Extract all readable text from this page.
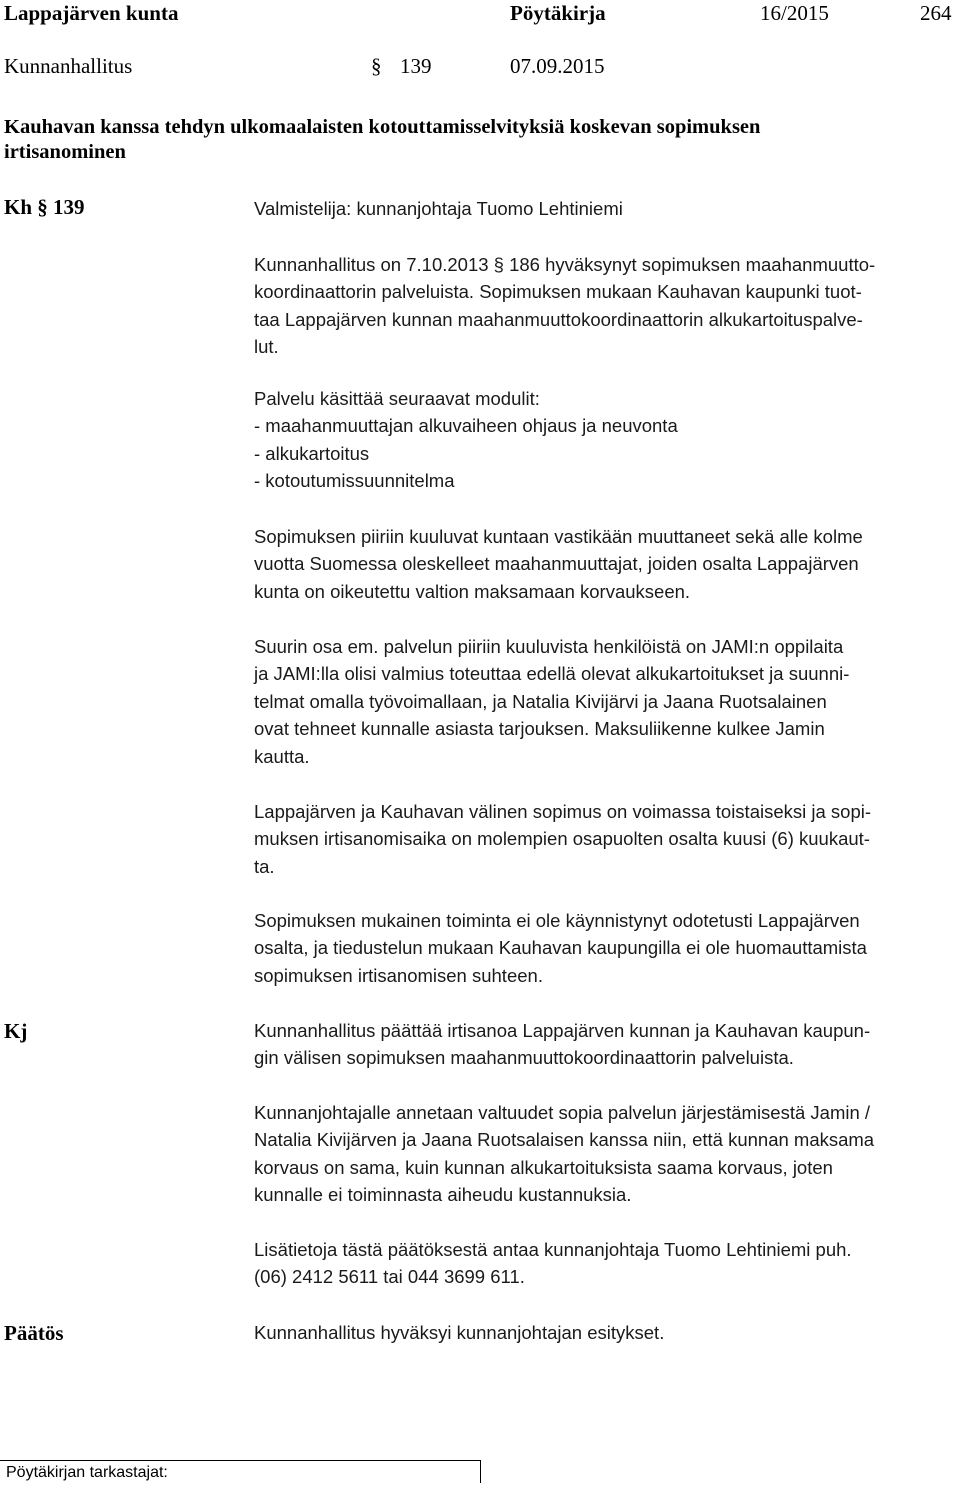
Lappajärven kunta	Pöytäkirja	16/2015	264
Kunnanhallitus	§ 139	07.09.2015
Kauhavan kanssa tehdyn ulkomaalaisten kotouttamisselvityksiä koskevan sopimuksen
irtisanominen
Kh § 139	Valmistelija: kunnanjohtaja Tuomo Lehtiniemi
Kunnanhallitus on 7.10.2013 § 186 hyväksynyt sopimuksen maahanmuutto-
koordinaattorin palveluista. Sopimuksen mukaan Kauhavan kaupunki tuot-
taa Lappajärven kunnan maahanmuuttokoordinaattorin alkukartoituspalve-
lut.
Palvelu käsittää seuraavat modulit:
- maahanmuuttajan alkuvaiheen ohjaus ja neuvonta
- alkukartoitus
- kotoutumissuunnitelma
Sopimuksen piiriin kuuluvat kuntaan vastikään muuttaneet sekä alle kolme
vuotta Suomessa oleskelleet maahanmuuttajat, joiden osalta Lappajärven
kunta on oikeutettu valtion maksamaan korvaukseen.
Suurin osa em. palvelun piiriin kuuluvista henkilöistä on JAMI:n oppilaita
ja JAMI:lla olisi valmius toteuttaa edellä olevat alkukartoitukset ja suunni-
telmat omalla työvoimallaan, ja Natalia Kivijärvi ja Jaana Ruotsalainen
ovat tehneet kunnalle asiasta tarjouksen. Maksuliikenne kulkee Jamin
kautta.
Lappajärven ja Kauhavan välinen sopimus on voimassa toistaiseksi ja sopi-
muksen irtisanomisaika on molempien osapuolten osalta kuusi (6) kuukaut-
ta.
Sopimuksen mukainen toiminta ei ole käynnistynyt odotetusti Lappajärven
osalta, ja tiedustelun mukaan Kauhavan kaupungilla ei ole huomauttamista
sopimuksen irtisanomisen suhteen.
Kj	Kunnanhallitus päättää irtisanoa Lappajärven kunnan ja Kauhavan kaupun-
gin välisen sopimuksen maahanmuuttokoordinaattorin palveluista.
Kunnanjohtajalle annetaan valtuudet sopia palvelun järjestämisestä Jamin /
Natalia Kivijärven ja Jaana Ruotsalaisen kanssa niin, että kunnan maksama
korvaus on sama, kuin kunnan alkukartoituksista saama korvaus, joten
kunnalle ei toiminnasta aiheudu kustannuksia.
Lisätietoja tästä päätöksestä antaa kunnanjohtaja Tuomo Lehtiniemi puh.
(06) 2412 5611 tai 044 3699 611.
Päätös	Kunnanhallitus hyväksyi kunnanjohtajan esitykset.
Pöytäkirjan tarkastajat:
